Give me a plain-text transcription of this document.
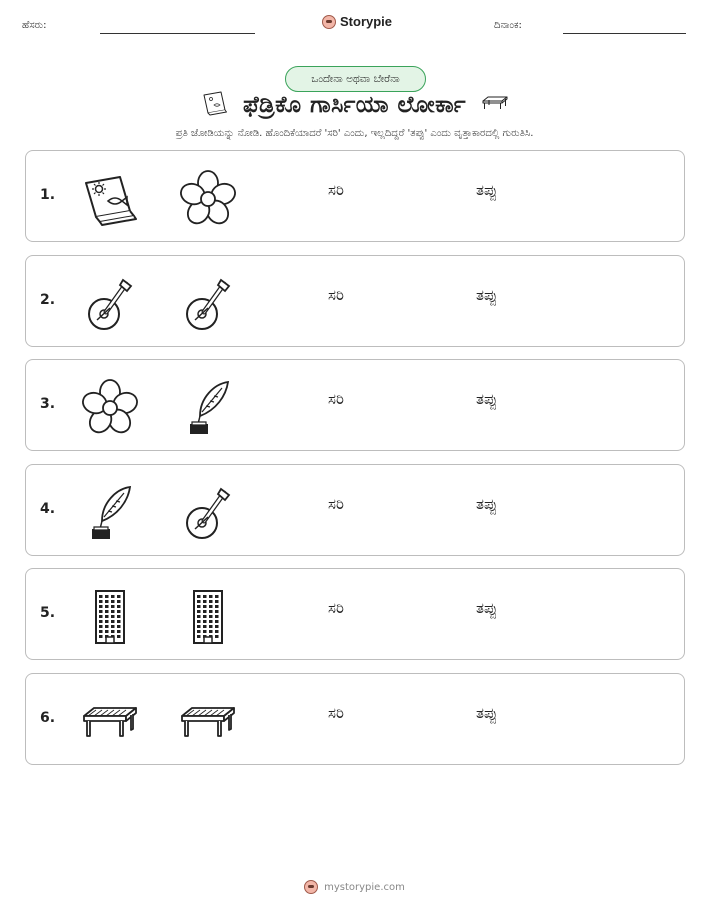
ಹೆಸರು:	Storypie	ದಿನಾಂಕ:
ಒಂದೇನಾ ಅಥವಾ ಬೇರೆನಾ
ಫೆಡ್ರಿಕೊ ಗಾರ್ಸಿಯಾ ಲೋರ್ಕಾ
ಪ್ರತಿ ಜೋಡಿಯನ್ನು ನೋಡಿ. ಹೊಂದಿಕೆಯಾದರೆ 'ಸರಿ' ಎಂದು, ಇಲ್ಲದಿದ್ದರೆ 'ತಪ್ಪು' ಎಂದು ವೃತ್ತಾಕಾರದಲ್ಲಿ ಗುರುತಿಸಿ.
1.	ಸರಿ	ತಪ್ಪು
2.	ಸರಿ	ತಪ್ಪು
3.	ಸರಿ	ತಪ್ಪು
4.	ಸರಿ	ತಪ್ಪು
5.	ಸರಿ	ತಪ್ಪು
6.	ಸರಿ	ತಪ್ಪು
mystorypie.com
